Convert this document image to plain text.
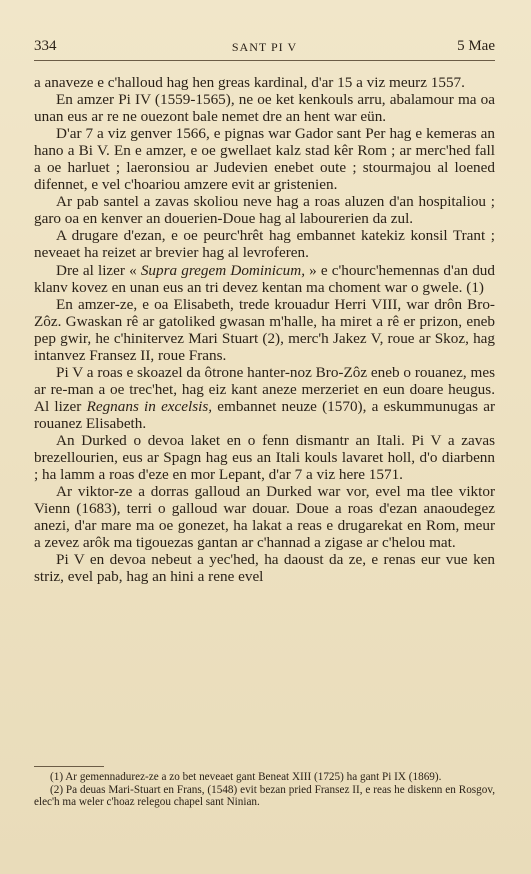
334	SANT PI V	5 Mae

a anaveze e c'halloud hag hen greas kardinal, d'ar 15 a viz meurz 1557.

En amzer Pi IV (1559-1565), ne oe ket kenkouls arru, abalamour ma oa unan eus ar re ne ouezont bale nemet dre an hent war eün.

D'ar 7 a viz genver 1566, e pignas war Gador sant Per hag e kemeras an hano a Bi V. En e amzer, e oe gwellaet kalz stad kêr Rom ; ar merc'hed fall a oe harluet ; laeronsiou ar Judevien enebet oute ; stourmajou al loened difennet, e vel c'hoariou amzere evit ar gristenien.

Ar pab santel a zavas skoliou neve hag a roas aluzen d'an hospitaliou ; garo oa en kenver an douerien-Doue hag al labourerien da zul.

A drugare d'ezan, e oe peurc'hrêt hag embannet katekiz konsil Trant ; neveaet ha reizet ar brevier hag al levroferen.

Dre al lizer « Supra gregem Dominicum, » e c'hourc'hemennas d'an dud klanv kovez en unan eus an tri devez kentan ma choment war o gwele. (1)

En amzer-ze, e oa Elisabeth, trede krouadur Herri VIII, war drôn Bro-Zôz. Gwaskan rê ar gatoliked gwasan m'halle, ha miret a rê er prizon, eneb pep gwir, he c'hinitervez Mari Stuart (2), merc'h Jakez V, roue ar Skoz, hag intanvez Fransez II, roue Frans.

Pi V a roas e skoazel da ôtrone hanter-noz Bro-Zôz eneb o rouanez, mes ar re-man a oe trec'het, hag eiz kant aneze merzeriet en eun doare heugus. Al lizer Regnans in excelsis, embannet neuze (1570), a eskummunugas ar rouanez Elisabeth.

An Durked o devoa laket en o fenn dismantr an Itali. Pi V a zavas brezellourien, eus ar Spagn hag eus an Itali kouls lavaret holl, d'o diarbenn ; ha lamm a roas d'eze en mor Lepant, d'ar 7 a viz here 1571.

Ar viktor-ze a dorras galloud an Durked war vor, evel ma tlee viktor Vienn (1683), terri o galloud war douar. Doue a roas d'ezan anaoudegez anezi, d'ar mare ma oe gonezet, ha lakat a reas e drugarekat en Rom, meur a zevez arôk ma tigouezas gantan ar c'hannad a zigase ar c'helou mat.

Pi V en devoa nebeut a yec'hed, ha daoust da ze, e renas eur vue ken striz, evel pab, hag an hini a rene evel

(1) Ar gemennadurez-ze a zo bet neveaet gant Beneat XIII (1725) ha gant Pi IX (1869).

(2) Pa deuas Mari-Stuart en Frans, (1548) evit bezan pried Fransez II, e reas he diskenn en Rosgov, elec'h ma weler c'hoaz relegou chapel sant Ninian.
